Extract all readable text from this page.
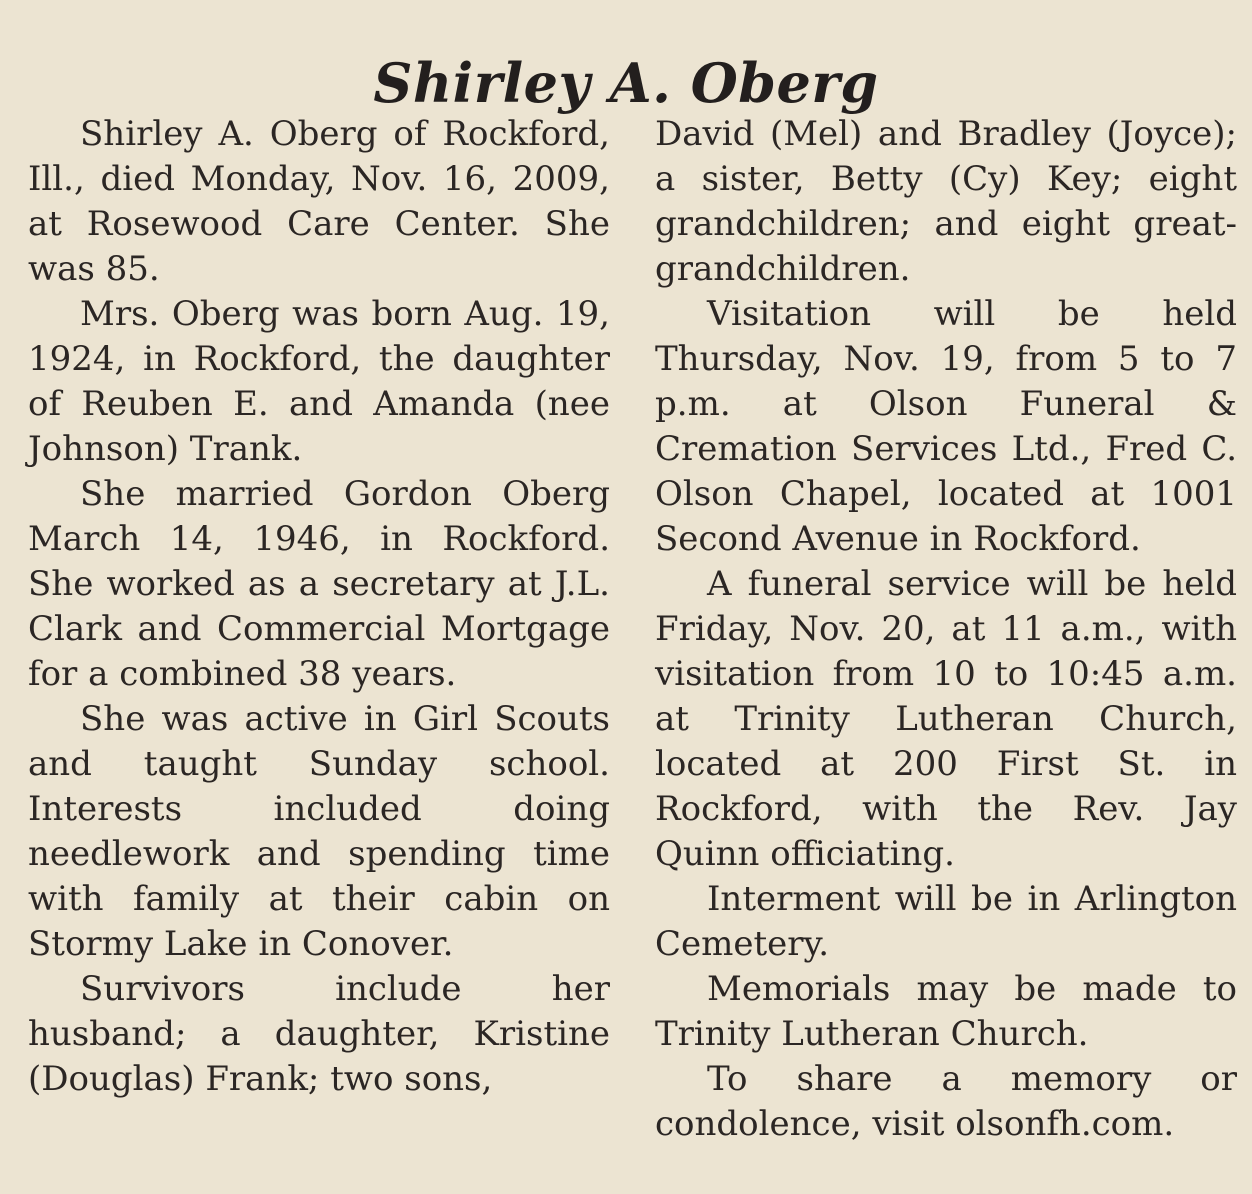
Shirley A. Oberg

Shirley A. Oberg of Rockford, Ill., died Monday, Nov. 16, 2009, at Rosewood Care Center. She was 85.

Mrs. Oberg was born Aug. 19, 1924, in Rockford, the daughter of Reuben E. and Amanda (nee Johnson) Trank.

She married Gordon Oberg March 14, 1946, in Rockford. She worked as a secretary at J.L. Clark and Commercial Mortgage for a combined 38 years.

She was active in Girl Scouts and taught Sunday school. Interests included doing needlework and spending time with family at their cabin on Stormy Lake in Conover.

Survivors include her husband; a daughter, Kristine (Douglas) Frank; two sons,

David (Mel) and Bradley (Joyce); a sister, Betty (Cy) Key; eight grandchildren; and eight great-grandchildren.

Visitation will be held Thursday, Nov. 19, from 5 to 7 p.m. at Olson Funeral & Cremation Services Ltd., Fred C. Olson Chapel, located at 1001 Second Avenue in Rockford.

A funeral service will be held Friday, Nov. 20, at 11 a.m., with visitation from 10 to 10:45 a.m. at Trinity Lutheran Church, located at 200 First St. in Rockford, with the Rev. Jay Quinn officiating.

Interment will be in Arlington Cemetery.

Memorials may be made to Trinity Lutheran Church.

To share a memory or condolence, visit olsonfh.com.
